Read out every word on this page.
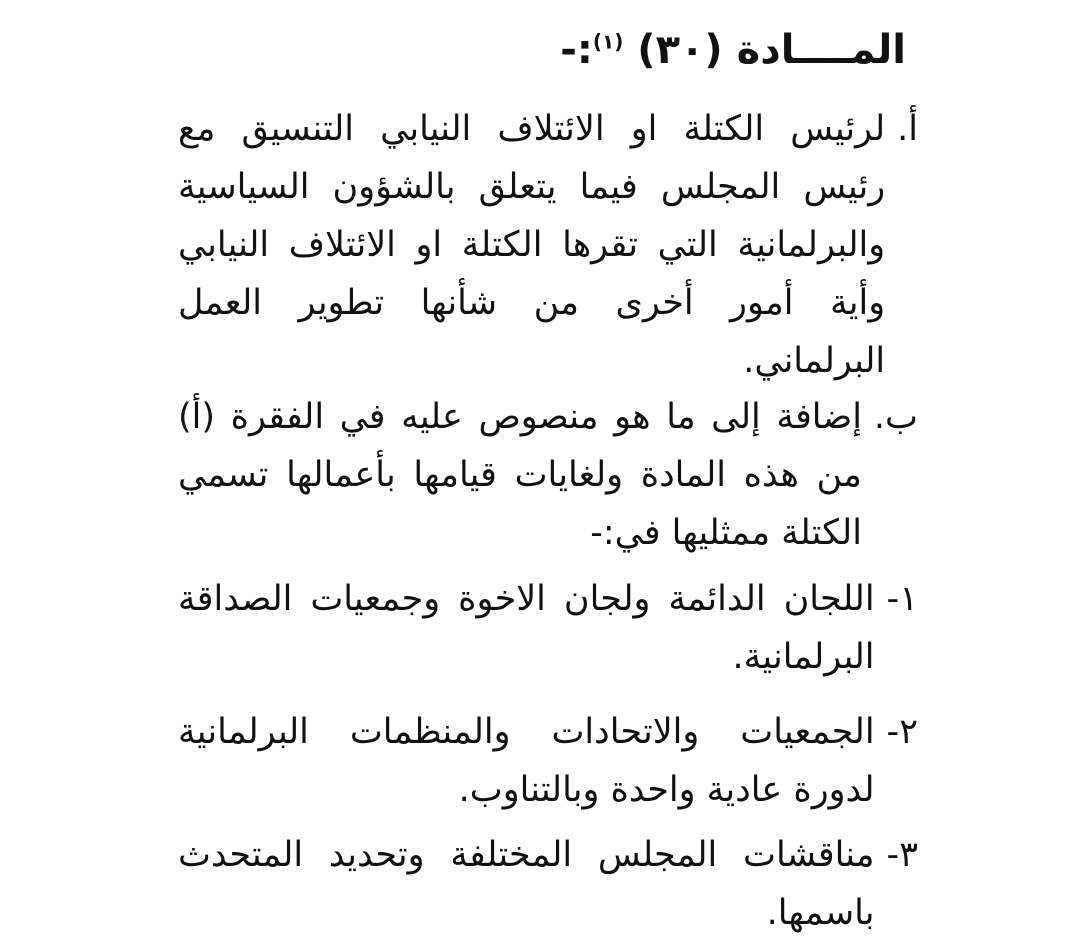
المــــادة (٣٠) $^{(١)}$:-
أ.
لرئيس الكتلة او الائتلاف النيابي التنسيق مع رئيس المجلس فيما يتعلق بالشؤون السياسية والبرلمانية التي تقرها الكتلة او الائتلاف النيابي وأية أمور أخرى من شأنها تطوير العمل البرلماني.
ب.
إضافة إلى ما هو منصوص عليه في الفقرة (أ) من هذه المادة ولغايات قيامها بأعمالها تسمي الكتلة ممثليها في:-
١-
اللجان الدائمة ولجان الاخوة وجمعيات الصداقة البرلمانية.
٢-
الجمعيات والاتحادات والمنظمات البرلمانية لدورة عادية واحدة وبالتناوب.
٣-
مناقشات المجلس المختلفة وتحديد المتحدث باسمها.
